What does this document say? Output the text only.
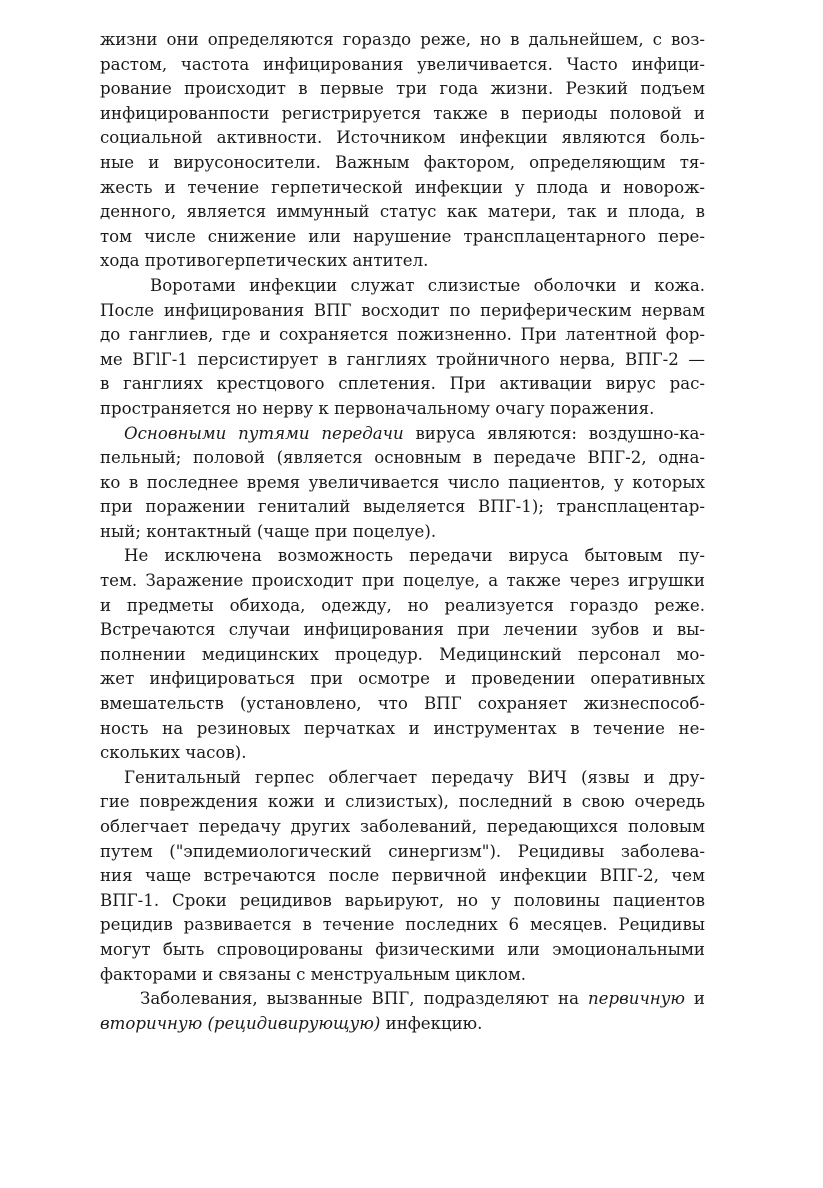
жизни они определяются гораздо реже, но в дальнейшем, с воз-
растом, частота инфицирования увеличивается. Часто инфици-
рование происходит в первые три года жизни. Резкий подъем
инфицированпости регистрируется также в периоды половой и
социальной активности. Источником инфекции являются боль-
ные и вирусоносители. Важным фактором, определяющим тя-
жесть и течение герпетической инфекции у плода и новорож-
денного, является иммунный статус как матери, так и плода, в
том числе снижение или нарушение трансплацентарного пере-
хода противогерпетических антител.

Воротами инфекции служат слизистые оболочки и кожа.
После инфицирования ВПГ восходит по периферическим нервам
до ганглиев, где и сохраняется пожизненно. При латентной фор-
ме ВГlГ-1 персистирует в ганглиях тройничного нерва, ВПГ-2 —
в ганглиях крестцового сплетения. При активации вирус рас-
пространяется но нерву к первоначальному очагу поражения.

Основными путями передачи вируса являются: воздушно-ка-
пельный; половой (является основным в передаче ВПГ-2, одна-
ко в последнее время увеличивается число пациентов, у которых
при поражении гениталий выделяется ВПГ-1); трансплацентар-
ный; контактный (чаще при поцелуе).

Не исключена возможность передачи вируса бытовым пу-
тем. Заражение происходит при поцелуе, а также через игрушки
и предметы обихода, одежду, но реализуется гораздо реже.
Встречаются случаи инфицирования при лечении зубов и вы-
полнении медицинских процедур. Медицинский персонал мо-
жет инфицироваться при осмотре и проведении оперативных
вмешательств (установлено, что ВПГ сохраняет жизнеспособ-
ность на резиновых перчатках и инструментах в течение не-
скольких часов).

Генитальный герпес облегчает передачу ВИЧ (язвы и дру-
гие повреждения кожи и слизистых), последний в свою очередь
облегчает передачу других заболеваний, передающихся половым
путем ("эпидемиологический синергизм"). Рецидивы заболева-
ния чаще встречаются после первичной инфекции ВПГ-2, чем
ВПГ-1. Сроки рецидивов варьируют, но у половины пациентов
рецидив развивается в течение последних 6 месяцев. Рецидивы
могут быть спровоцированы физическими или эмоциональными
факторами и связаны с менструальным циклом.

Заболевания, вызванные ВПГ, подразделяют на первичную и
вторичную (рецидивирующую) инфекцию.
